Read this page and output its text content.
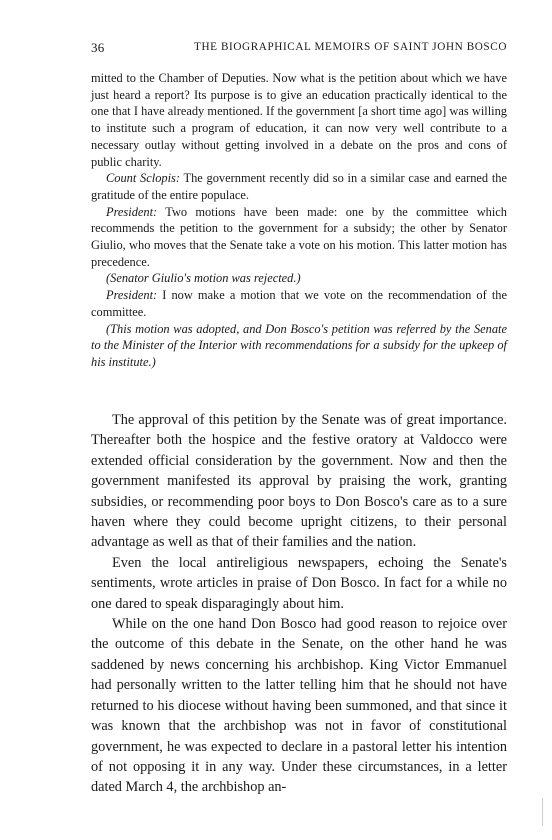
36	THE BIOGRAPHICAL MEMOIRS OF SAINT JOHN BOSCO

mitted to the Chamber of Deputies. Now what is the petition about which we have just heard a report? Its purpose is to give an education practically identical to the one that I have already mentioned. If the government [a short time ago] was willing to institute such a program of education, it can now very well contribute to a necessary outlay without getting involved in a debate on the pros and cons of public charity.

Count Sclopis: The government recently did so in a similar case and earned the gratitude of the entire populace.

President: Two motions have been made: one by the committee which recommends the petition to the government for a subsidy; the other by Senator Giulio, who moves that the Senate take a vote on his motion. This latter motion has precedence.

(Senator Giulio's motion was rejected.)

President: I now make a motion that we vote on the recommendation of the committee.

(This motion was adopted, and Don Bosco's petition was referred by the Senate to the Minister of the Interior with recommendations for a subsidy for the upkeep of his institute.)

The approval of this petition by the Senate was of great importance. Thereafter both the hospice and the festive oratory at Valdocco were extended official consideration by the government. Now and then the government manifested its approval by praising the work, granting subsidies, or recommending poor boys to Don Bosco's care as to a sure haven where they could become upright citizens, to their personal advantage as well as that of their families and the nation.

Even the local antireligious newspapers, echoing the Senate's sentiments, wrote articles in praise of Don Bosco. In fact for a while no one dared to speak disparagingly about him.

While on the one hand Don Bosco had good reason to rejoice over the outcome of this debate in the Senate, on the other hand he was saddened by news concerning his archbishop. King Victor Emmanuel had personally written to the latter telling him that he should not have returned to his diocese without having been summoned, and that since it was known that the archbishop was not in favor of constitutional government, he was expected to declare in a pastoral letter his intention of not opposing it in any way. Under these circumstances, in a letter dated March 4, the archbishop an-
